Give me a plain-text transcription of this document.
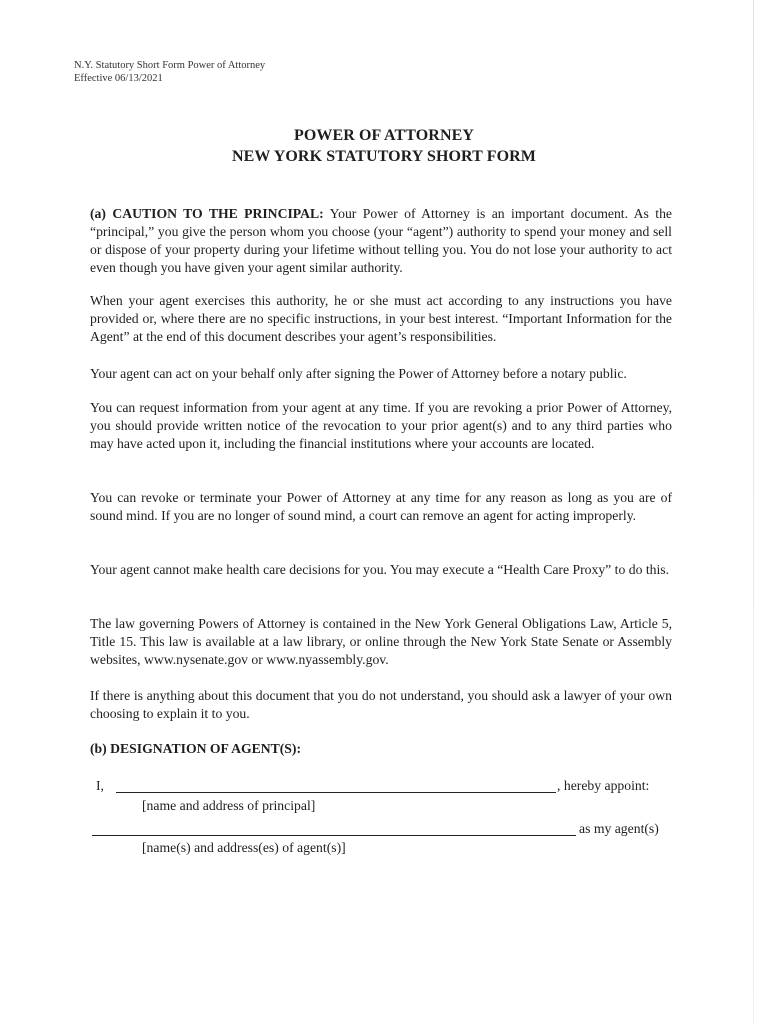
N.Y. Statutory Short Form Power of Attorney
Effective 06/13/2021
POWER OF ATTORNEY
NEW YORK STATUTORY SHORT FORM

(a) CAUTION TO THE PRINCIPAL: Your Power of Attorney is an important document. As the “principal,” you give the person whom you choose (your “agent”) authority to spend your money and sell or dispose of your property during your lifetime without telling you. You do not lose your authority to act even though you have given your agent similar authority.

When your agent exercises this authority, he or she must act according to any instructions you have provided or, where there are no specific instructions, in your best interest. “Important Information for the Agent” at the end of this document describes your agent’s responsibilities.

Your agent can act on your behalf only after signing the Power of Attorney before a notary public.

You can request information from your agent at any time. If you are revoking a prior Power of Attorney, you should provide written notice of the revocation to your prior agent(s) and to any third parties who may have acted upon it, including the financial institutions where your accounts are located.

You can revoke or terminate your Power of Attorney at any time for any reason as long as you are of sound mind. If you are no longer of sound mind, a court can remove an agent for acting improperly.

Your agent cannot make health care decisions for you. You may execute a “Health Care Proxy” to do this.

The law governing Powers of Attorney is contained in the New York General Obligations Law, Article 5, Title 15. This law is available at a law library, or online through the New York State Senate or Assembly websites, www.nysenate.gov or www.nyassembly.gov.

If there is anything about this document that you do not understand, you should ask a lawyer of your own choosing to explain it to you.

(b) DESIGNATION OF AGENT(S):
I,	, hereby appoint:
[name and address of principal]
as my agent(s)
[name(s) and address(es) of agent(s)]
